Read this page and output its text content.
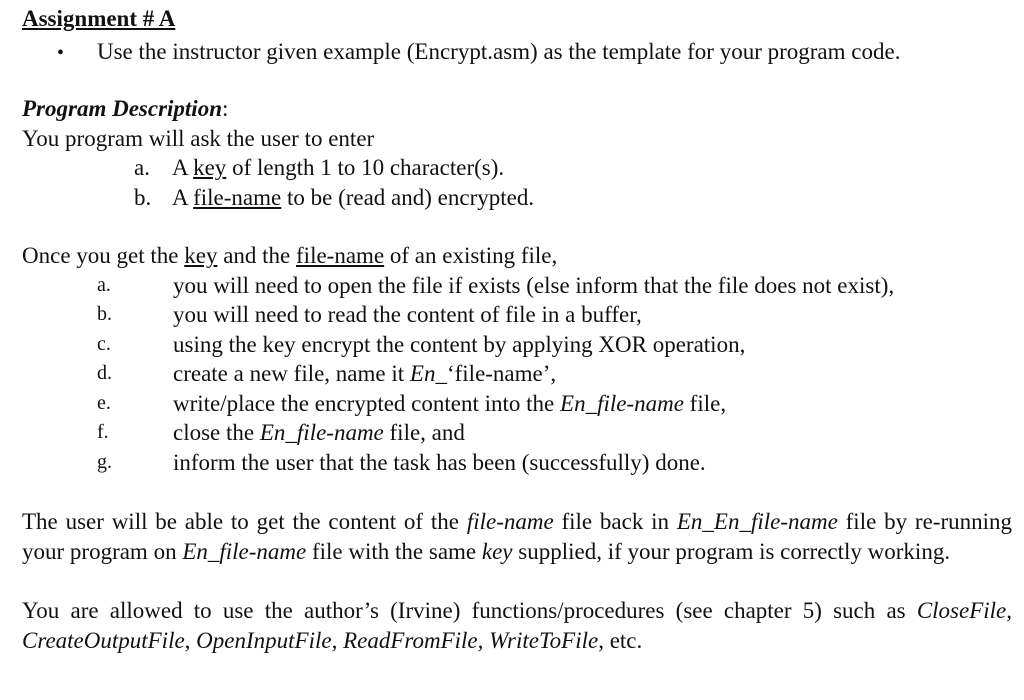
Assignment # A
•	Use the instructor given example (Encrypt.asm) as the template for your program code.
Program Description:
You program will ask the user to enter
a. A key of length 1 to 10 character(s).
b. A file-name to be (read and) encrypted.
Once you get the key and the file-name of an existing file,
a.	you will need to open the file if exists (else inform that the file does not exist),
b.	you will need to read the content of file in a buffer,
c.	using the key encrypt the content by applying XOR operation,
d.	create a new file, name it En_‘file-name’,
e.	write/place the encrypted content into the En_file-name file,
f.	close the En_file-name file, and
g.	inform the user that the task has been (successfully) done.
The user will be able to get the content of the file-name file back in En_En_file-name file by re-running your program on En_file-name file with the same key supplied, if your program is correctly working.
You are allowed to use the author’s (Irvine) functions/procedures (see chapter 5) such as CloseFile, CreateOutputFile, OpenInputFile, ReadFromFile, WriteToFile, etc.
